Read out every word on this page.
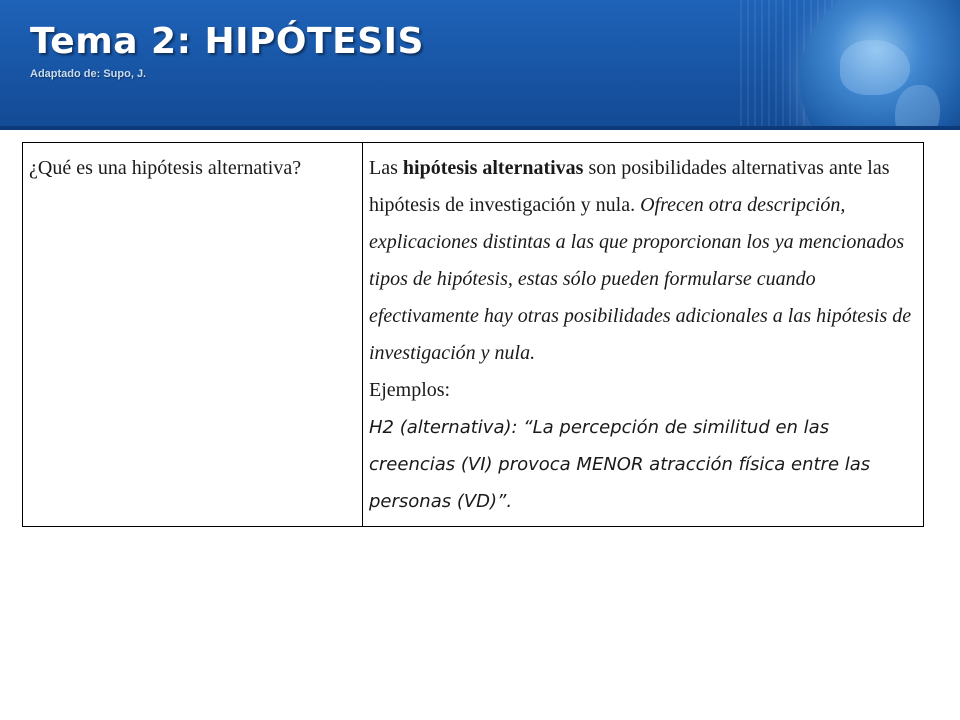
Tema 2: HIPÓTESIS
Adaptado de: Supo, J.
¿Qué es una hipótesis alternativa?	Las hipótesis alternativas son posibilidades alternativas ante las hipótesis de investigación y nula. Ofrecen otra descripción, explicaciones distintas a las que proporcionan los ya mencionados tipos de hipótesis, estas sólo pueden formularse cuando efectivamente hay otras posibilidades adicionales a las hipótesis de investigación y nula.

Ejemplos:

H2 (alternativa): “La percepción de similitud en las creencias (VI) provoca MENOR atracción física entre las personas (VD)”.
